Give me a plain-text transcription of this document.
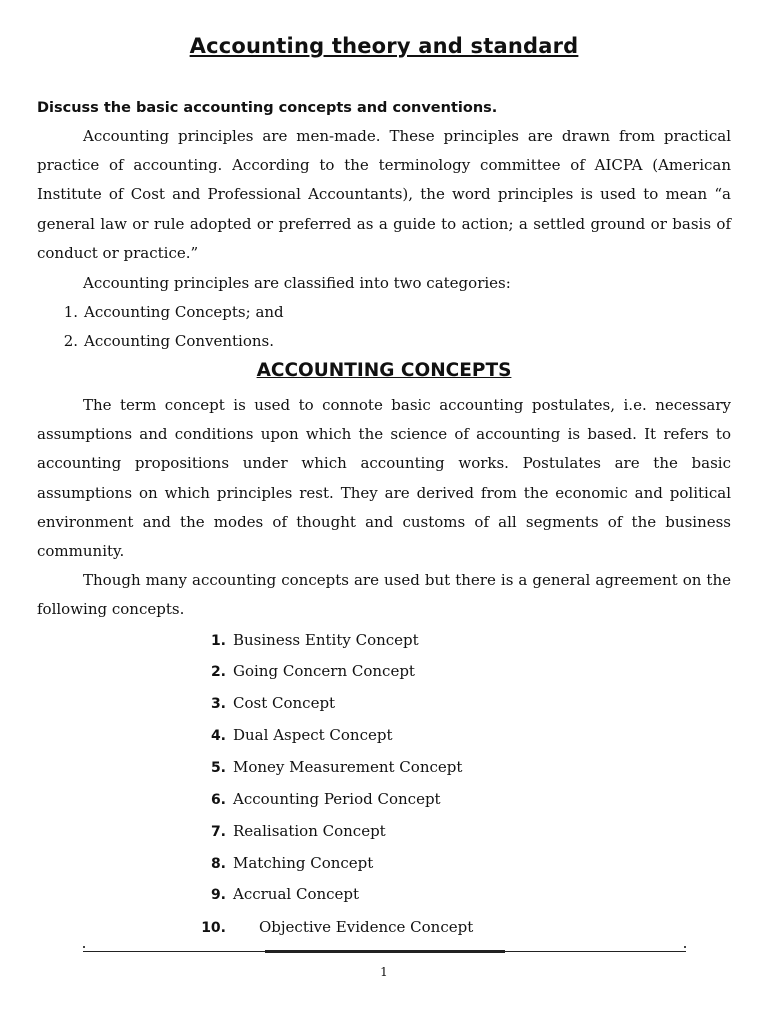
Accounting theory and standard
Discuss the basic accounting concepts and conventions.
Accounting principles are men-made. These principles are drawn from practical practice of accounting. According to the terminology committee of AICPA (American Institute of Cost and Professional Accountants), the word principles is used to mean “a general law or rule adopted or preferred as a guide to action; a settled ground or basis of conduct or practice.”
Accounting principles are classified into two categories:
1. Accounting Concepts; and
2. Accounting Conventions.
ACCOUNTING CONCEPTS
The term concept is used to connote basic accounting postulates, i.e. necessary assumptions and conditions upon which the science of accounting is based. It refers to accounting propositions under which accounting works. Postulates are the basic assumptions on which principles rest. They are derived from the economic and political environment and the modes of thought and customs of all segments of the business community.
Though many accounting concepts are used but there is a general agreement on the following concepts.
1. Business Entity Concept
2. Going Concern Concept
3. Cost Concept
4. Dual Aspect Concept
5. Money Measurement Concept
6. Accounting Period Concept
7. Realisation Concept
8. Matching Concept
9. Accrual Concept
10. Objective Evidence Concept
1
